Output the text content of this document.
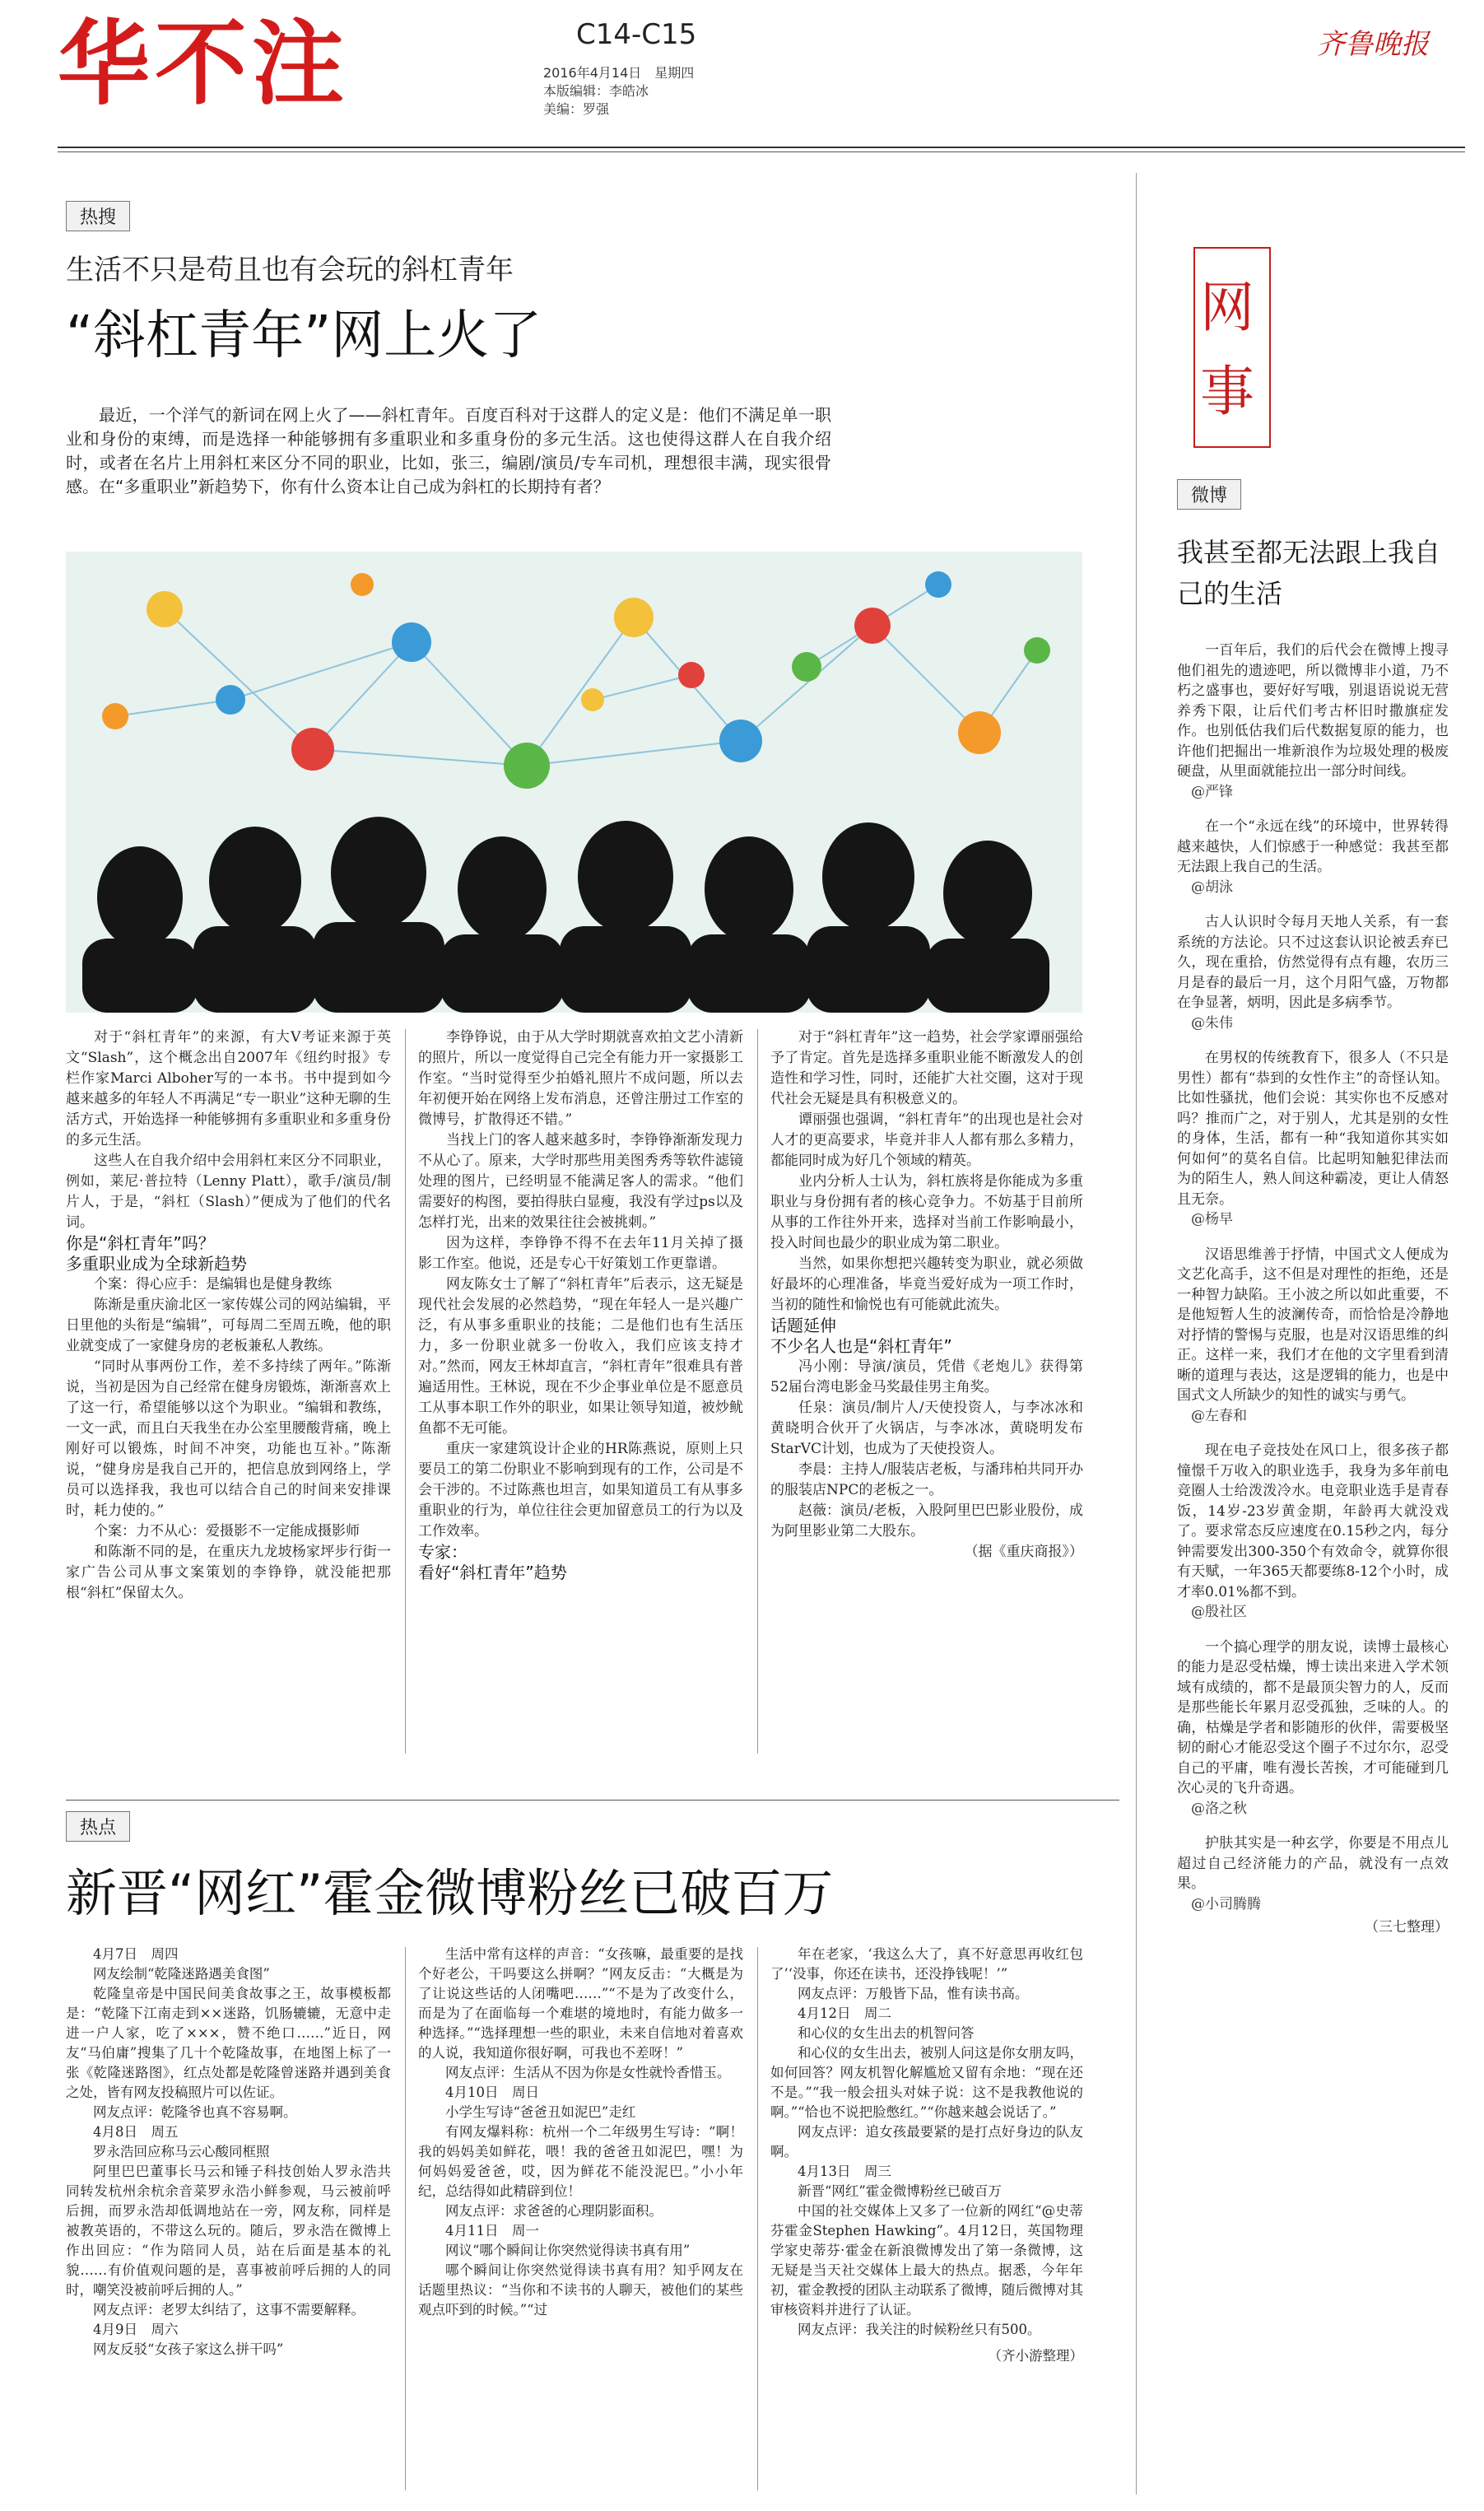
华不注	C14-C15
2016年4月14日　星期四
本版编辑：李皓冰
美编：罗强
齐鲁晚报
热搜
生活不只是苟且也有会玩的斜杠青年
“斜杠青年”网上火了
最近，一个洋气的新词在网上火了——斜杠青年。百度百科对于这群人的定义是：他们不满足单一职业和身份的束缚，而是选择一种能够拥有多重职业和多重身份的多元生活。这也使得这群人在自我介绍时，或者在名片上用斜杠来区分不同的职业，比如，张三，编剧/演员/专车司机，理想很丰满，现实很骨感。在“多重职业”新趋势下，你有什么资本让自己成为斜杠的长期持有者？

对于“斜杠青年”的来源，有大V考证来源于英文“Slash”，这个概念出自2007年《纽约时报》专栏作家Marci Alboher写的一本书。书中提到如今越来越多的年轻人不再满足“专一职业”这种无聊的生活方式，开始选择一种能够拥有多重职业和多重身份的多元生活。

这些人在自我介绍中会用斜杠来区分不同职业，例如，莱尼·普拉特（Lenny Platt），歌手/演员/制片人，于是，“斜杠（Slash）”便成为了他们的代名词。

你是“斜杠青年”吗？

多重职业成为全球新趋势

个案：得心应手：是编辑也是健身教练

陈渐是重庆渝北区一家传媒公司的网站编辑，平日里他的头衔是“编辑”，可每周二至周五晚，他的职业就变成了一家健身房的老板兼私人教练。

“同时从事两份工作，差不多持续了两年。”陈渐说，当初是因为自己经常在健身房锻炼，渐渐喜欢上了这一行，希望能够以这个为职业。“编辑和教练，一文一武，而且白天我坐在办公室里腰酸背痛，晚上刚好可以锻炼，时间不冲突，功能也互补。”陈渐说，“健身房是我自己开的，把信息放到网络上，学员可以选择我，我也可以结合自己的时间来安排课时，耗力使的。”

个案：力不从心：爱摄影不一定能成摄影师

和陈渐不同的是，在重庆九龙坡杨家坪步行街一家广告公司从事文案策划的李铮铮，就没能把那根“斜杠”保留太久。

李铮铮说，由于从大学时期就喜欢拍文艺小清新的照片，所以一度觉得自己完全有能力开一家摄影工作室。“当时觉得至少拍婚礼照片不成问题，所以去年初便开始在网络上发布消息，还曾注册过工作室的微博号，扩散得还不错。”

当找上门的客人越来越多时，李铮铮渐渐发现力不从心了。原来，大学时那些用美图秀秀等软件滤镜处理的图片，已经明显不能满足客人的需求。“他们需要好的构图，要拍得肤白显瘦，我没有学过ps以及怎样打光，出来的效果往往会被挑刺。”

因为这样，李铮铮不得不在去年11月关掉了摄影工作室。他说，还是专心干好策划工作更靠谱。

网友陈女士了解了“斜杠青年”后表示，这无疑是现代社会发展的必然趋势，“现在年轻人一是兴趣广泛，有从事多重职业的技能；二是他们也有生活压力，多一份职业就多一份收入，我们应该支持才对。”然而，网友王林却直言，“斜杠青年”很难具有普遍适用性。王林说，现在不少企事业单位是不愿意员工从事本职工作外的职业，如果让领导知道，被炒鱿鱼都不无可能。

重庆一家建筑设计企业的HR陈燕说，原则上只要员工的第二份职业不影响到现有的工作，公司是不会干涉的。不过陈燕也坦言，如果知道员工有从事多重职业的行为，单位往往会更加留意员工的行为以及工作效率。

专家：

看好“斜杠青年”趋势

对于“斜杠青年”这一趋势，社会学家谭丽强给予了肯定。首先是选择多重职业能不断激发人的创造性和学习性，同时，还能扩大社交圈，这对于现代社会无疑是具有积极意义的。

谭丽强也强调，“斜杠青年”的出现也是社会对人才的更高要求，毕竟并非人人都有那么多精力，都能同时成为好几个领域的精英。

业内分析人士认为，斜杠族将是你能成为多重职业与身份拥有者的核心竞争力。不妨基于目前所从事的工作往外开来，选择对当前工作影响最小，投入时间也最少的职业成为第二职业。

当然，如果你想把兴趣转变为职业，就必须做好最坏的心理准备，毕竟当爱好成为一项工作时，当初的随性和愉悦也有可能就此流失。

话题延伸

不少名人也是“斜杠青年”

冯小刚：导演/演员，凭借《老炮儿》获得第52届台湾电影金马奖最佳男主角奖。

任泉：演员/制片人/天使投资人，与李冰冰和黄晓明合伙开了火锅店，与李冰冰，黄晓明发布StarVC计划，也成为了天使投资人。

李晨：主持人/服装店老板，与潘玮柏共同开办的服装店NPC的老板之一。

赵薇：演员/老板，入股阿里巴巴影业股份，成为阿里影业第二大股东。

（据《重庆商报》）

网
事
微博
我甚至都无法跟上我自己的生活

一百年后，我们的后代会在微博上搜寻他们祖先的遗迹吧，所以微博非小道，乃不朽之盛事也，要好好写哦，别退语说说无营养秀下限，让后代们考古杯旧时撒旗症发作。也别低估我们后代数据复原的能力，也许他们把掘出一堆新浪作为垃圾处理的极废硬盘，从里面就能拉出一部分时间线。

@严锋

在一个“永远在线”的环境中，世界转得越来越快，人们惊感于一种感觉：我甚至都无法跟上我自己的生活。

@胡泳

古人认识时令每月天地人关系，有一套系统的方法论。只不过这套认识论被丢弃已久，现在重拾，仿然觉得有点有趣，农历三月是春的最后一月，这个月阳气盛，万物都在争显著，炳明，因此是多病季节。

@朱伟

在男权的传统教育下，很多人（不只是男性）都有“恭到的女性作主”的奇怪认知。比如性骚扰，他们会说：其实你也不反感对吗？推而广之，对于别人，尤其是别的女性的身体，生活，都有一种“我知道你其实如何如何”的莫名自信。比起明知触犯律法而为的陌生人，熟人间这种霸凌，更让人倩怒且无奈。

@杨早

汉语思维善于抒情，中国式文人便成为文艺化高手，这不但是对理性的拒绝，还是一种智力缺陷。王小波之所以如此重要，不是他短暂人生的波澜传奇，而恰恰是冷静地对抒情的警惕与克服，也是对汉语思维的纠正。这样一来，我们才在他的文字里看到清晰的道理与表达，这是逻辑的能力，也是中国式文人所缺少的知性的诚实与勇气。

@左春和

现在电子竞技处在风口上，很多孩子都憧憬千万收入的职业选手，我身为多年前电竞圈人士给泼泼冷水。电竞职业选手是青春饭，14岁-23岁黄金期，年龄再大就没戏了。要求常态反应速度在0.15秒之内，每分钟需要发出300-350个有效命令，就算你很有天赋，一年365天都要练8-12个小时，成才率0.01%都不到。

@殷社区

一个搞心理学的朋友说，读博士最核心的能力是忍受枯燥，博士读出来进入学术领域有成绩的，都不是最顶尖智力的人，反而是那些能长年累月忍受孤独，乏味的人。的确，枯燥是学者和影随形的伙伴，需要极坚韧的耐心才能忍受这个圈子不过尔尔，忍受自己的平庸，唯有漫长苦挨，才可能碰到几次心灵的飞升奇遇。

@洛之秋

护肤其实是一种玄学，你要是不用点儿超过自己经济能力的产品，就没有一点效果。

@小司腾腾

（三七整理）

热点
新晋“网红”霍金微博粉丝已破百万

4月7日　周四

网友绘制“乾隆迷路遇美食图”

乾隆皇帝是中国民间美食故事之王，故事模板都是：“乾隆下江南走到××迷路，饥肠辘辘，无意中走进一户人家，吃了×××，赞不绝口……”近日，网友“马伯庸”搜集了几十个乾隆故事，在地图上标了一张《乾隆迷路图》，红点处都是乾隆曾迷路并遇到美食之处，皆有网友投稿照片可以佐证。

网友点评：乾隆爷也真不容易啊。

4月8日　周五

罗永浩回应称马云心酸同框照

阿里巴巴董事长马云和锤子科技创始人罗永浩共同转发杭州余杭余音菜罗永浩小鲜参观，马云被前呼后拥，而罗永浩却低调地站在一旁，网友称，同样是被教英语的，不带这么玩的。随后，罗永浩在微博上作出回应：“作为陪同人员，站在后面是基本的礼貌……有价值观问题的是，喜事被前呼后拥的人的同时，嘲笑没被前呼后拥的人。”

网友点评：老罗太纠结了，这事不需要解释。

4月9日　周六

网友反驳“女孩子家这么拼干吗”

生活中常有这样的声音：“女孩嘛，最重要的是找个好老公，干吗要这么拼啊？”网友反击：“大概是为了让说这些话的人闭嘴吧……”“不是为了改变什么，而是为了在面临每一个难堪的境地时，有能力做多一种选择。”“选择理想一些的职业，未来自信地对着喜欢的人说，我知道你很好啊，可我也不差呀！”

网友点评：生活从不因为你是女性就怜香惜玉。

4月10日　周日

小学生写诗“爸爸丑如泥巴”走红

有网友爆料称：杭州一个二年级男生写诗：“啊！我的妈妈美如鲜花，喂！我的爸爸丑如泥巴，嘿！为何妈妈爱爸爸，哎，因为鲜花不能没泥巴。”小小年纪，总结得如此精辟到位！

网友点评：求爸爸的心理阴影面积。

4月11日　周一

网议“哪个瞬间让你突然觉得读书真有用”

哪个瞬间让你突然觉得读书真有用？知乎网友在话题里热议：“当你和不读书的人聊天，被他们的某些观点吓到的时候。”“过

年在老家，‘我这么大了，真不好意思再收红包了’‘没事，你还在读书，还没挣钱呢！’”

网友点评：万般皆下品，惟有读书高。

4月12日　周二

和心仪的女生出去的机智问答

和心仪的女生出去，被别人问这是你女朋友吗，如何回答？网友机智化解尴尬又留有余地：“现在还不是。”“我一般会扭头对妹子说：这不是我教他说的啊。”“恰也不说把脸憋红。”“你越来越会说话了。”

网友点评：追女孩最要紧的是打点好身边的队友啊。

4月13日　周三

新晋“网红”霍金微博粉丝已破百万

中国的社交媒体上又多了一位新的网红“@史蒂芬霍金Stephen Hawking”。4月12日，英国物理学家史蒂芬·霍金在新浪微博发出了第一条微博，这无疑是当天社交媒体上最大的热点。据悉，今年年初，霍金教授的团队主动联系了微博，随后微博对其审核资料并进行了认证。

网友点评：我关注的时候粉丝只有500。

（齐小游整理）
